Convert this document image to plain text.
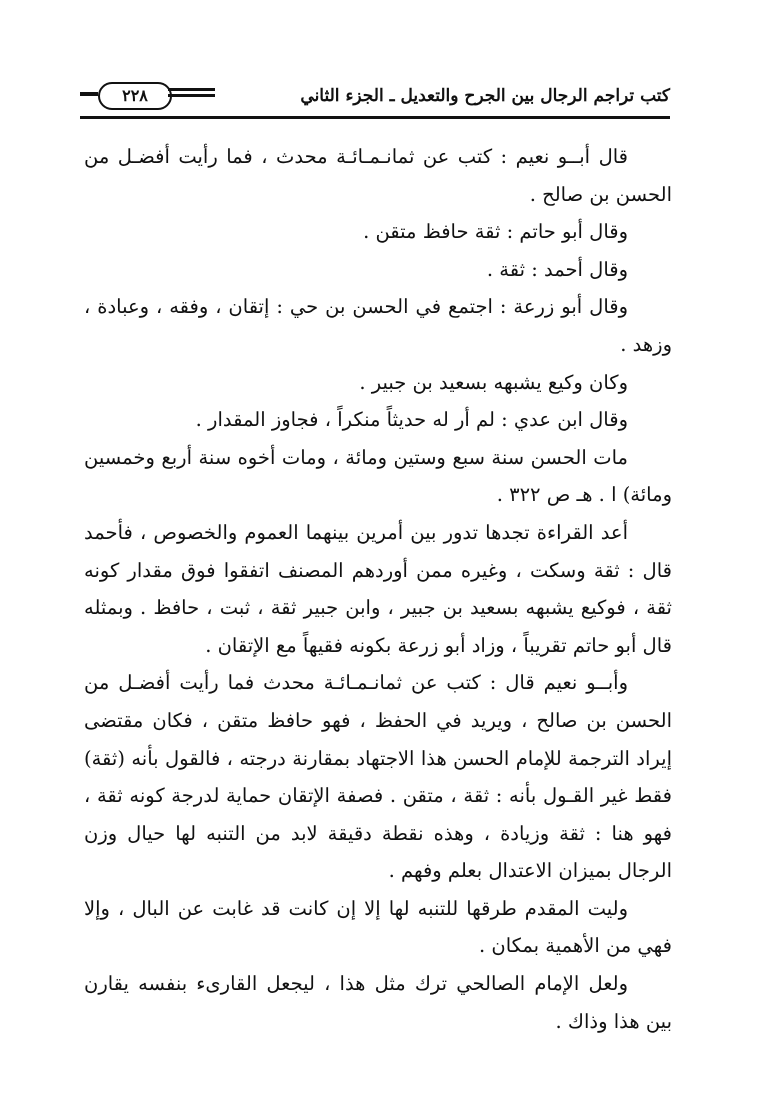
٢٢٨	كتب تراجم الرجال بين الجرح والتعديل ـ الجزء الثاني

قال أبــو نعيم : كتب عن ثمانـمـائـة محدث ، فما رأيت أفضـل من الحسن بن صالح .

وقال أبو حاتم : ثقة حافظ متقن .

وقال أحمد : ثقة .

وقال أبو زرعة : اجتمع في الحسن بن حي : إتقان ، وفقه ، وعبادة ، وزهد .

وكان وكيع يشبهه بسعيد بن جبير .

وقال ابن عدي : لم أر له حديثاً منكراً ، فجاوز المقدار .

مات الحسن سنة سبع وستين ومائة ، ومات أخوه سنة أربع وخمسين ومائة) ا . هـ ص ٣٢٢ .

أعد القراءة تجدها تدور بين أمرين بينهما العموم والخصوص ، فأحمد قال : ثقة وسكت ، وغيره ممن أوردهم المصنف اتفقوا فوق مقدار كونه ثقة ، فوكيع يشبهه بسعيد بن جبير ، وابن جبير ثقة ، ثبت ، حافظ . وبمثله قال أبو حاتم تقريباً ، وزاد أبو زرعة بكونه فقيهاً مع الإتقان .

وأبــو نعيم قال : كتب عن ثمانـمـائـة محدث فما رأيت أفضـل من الحسن بن صالح ، ويريد في الحفظ ، فهو حافظ متقن ، فكان مقتضى إيراد الترجمة للإمام الحسن هذا الاجتهاد بمقارنة درجته ، فالقول بأنه (ثقة) فقط غير القـول بأنه : ثقة ، متقن . فصفة الإتقان حماية لدرجة كونه ثقة ، فهو هنا : ثقة وزيادة ، وهذه نقطة دقيقة لابد من التنبه لها حيال وزن الرجال بميزان الاعتدال بعلم وفهم .

وليت المقدم طرقها للتنبه لها إلا إن كانت قد غابت عن البال ، وإلا فهي من الأهمية بمكان .

ولعل الإمام الصالحي ترك مثل هذا ، ليجعل القارىء بنفسه يقارن بين هذا وذاك .
